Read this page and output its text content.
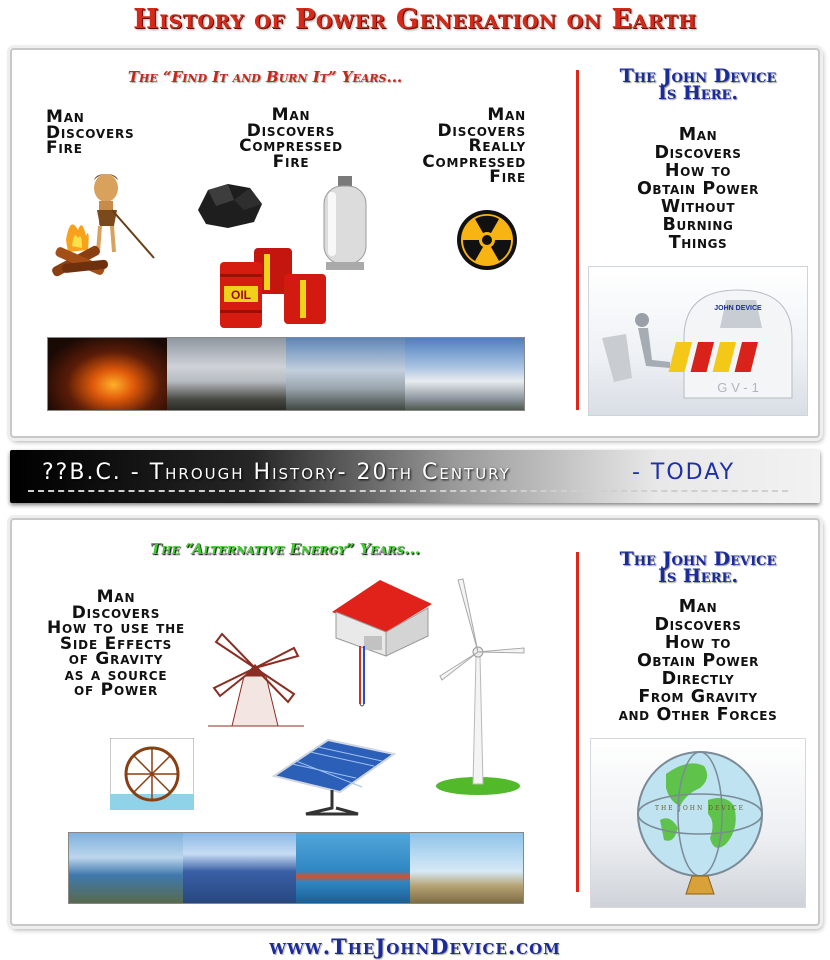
History of Power Generation on Earth
The “Find It and Burn It” Years...
Man
Discovers
Fire
Man
Discovers
Compressed
Fire
Man
Discovers
Really
Compressed
Fire
OIL
The John Device
Is Here.
Man
Discovers
How to
Obtain Power
Without
Burning
Things
JOHN DEVICE
GV-1
??B.C. - Through History- 20th Century	- TODAY
The “Alternative Energy” Years...
Man
Discovers
How to use the
Side Effects
of Gravity
as a source
of Power
The John Device
Is Here.
Man
Discovers
How to
Obtain Power
Directly
From Gravity
and Other Forces
THE JOHN DEVICE
www.TheJohnDevice.com
